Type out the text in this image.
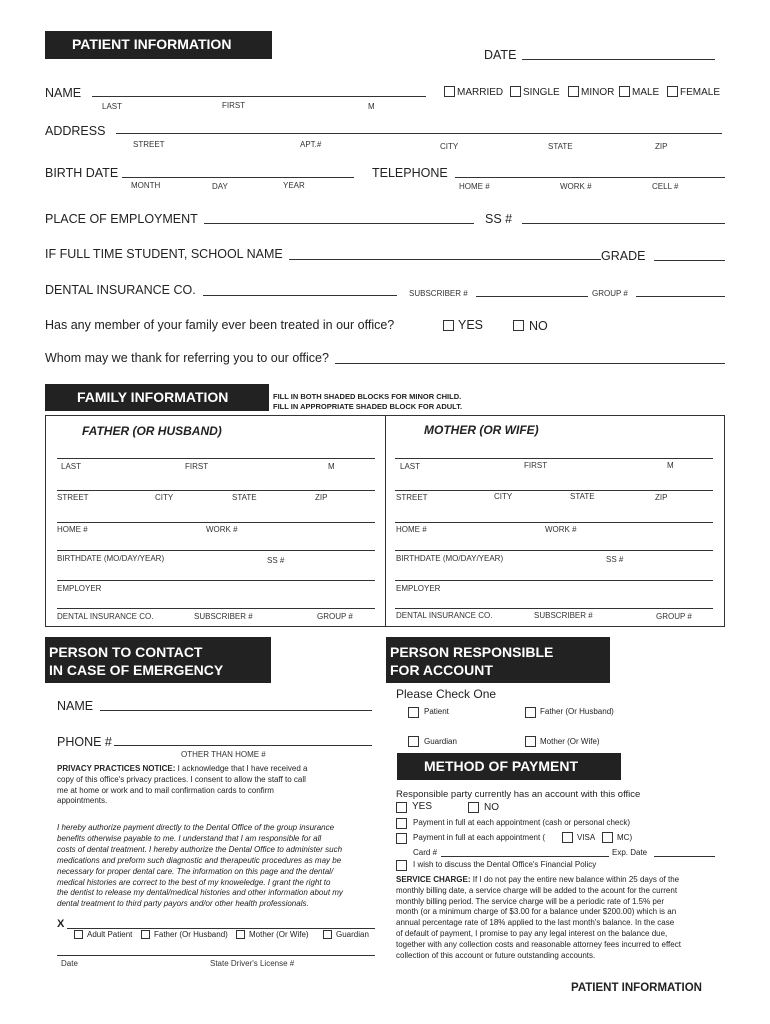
PATIENT INFORMATION
DATE
NAME
LAST	FIRST	M
MARRIED SINGLE MINOR MALE FEMALE
ADDRESS
STREET	APT.#	CITY	STATE	ZIP
BIRTH DATE
MONTH	DAY	YEAR
TELEPHONE
HOME #	WORK #	CELL #
PLACE OF EMPLOYMENT	SS #
IF FULL TIME STUDENT, SCHOOL NAME	GRADE
DENTAL INSURANCE CO.	SUBSCRIBER #	GROUP #
Has any member of your family ever been treated in our office?	YES	NO
Whom may we thank for referring you to our office?
FAMILY INFORMATION	FILL IN BOTH SHADED BLOCKS FOR MINOR CHILD.
FILL IN APPROPRIATE SHADED BLOCK FOR ADULT.
FATHER (OR HUSBAND)	MOTHER (OR WIFE)
LAST	FIRST	M
STREET	CITY	STATE	ZIP
HOME #	WORK #
BIRTHDATE (MO/DAY/YEAR)	SS #
EMPLOYER
DENTAL INSURANCE CO.	SUBSCRIBER #	GROUP #
LAST	FIRST	M
STREET	CITY	STATE	ZIP
HOME #	WORK #
BIRTHDATE (MO/DAY/YEAR)	SS #
EMPLOYER
DENTAL INSURANCE CO.	SUBSCRIBER #	GROUP #
PERSON TO CONTACT
IN CASE OF EMERGENCY
NAME
PHONE #
OTHER THAN HOME #
PRIVACY PRACTICES NOTICE: I acknowledge that I have received a
copy of this office's privacy practices. I consent to allow the staff to call
me at home or work and to mail confirmation cards to confirm
appointments.
I hereby authorize payment directly to the Dental Office of the group insurance
benefits otherwise payable to me. I understand that I am responsible for all
costs of dental treatment. I hereby authorize the Dental Office to administer such
medications and preform such diagnostic and therapeutic procedures as may be
necessary for proper dental care. The information on this page and the dental/
medical histories are correct to the best of my knoweledge. I grant the right to
the dentist to release my dental/medical histories and other information about my
dental treatment to third party payors and/or other health professionals.
X
Adult Patient	Father (Or Husband)	Mother (Or Wife)	Guardian
Date	State Driver's License #
PERSON RESPONSIBLE
FOR ACCOUNT
Please Check One
Patient	Father (Or Husband)
Guardian	Mother (Or Wife)
METHOD OF PAYMENT
Responsible party currently has an account with this office
YES	NO
Payment in full at each appointment (cash or personal check)
Payment in full at each appointment (	VISA	MC)
Card #	Exp. Date
I wish to discuss the Dental Office's Financial Policy
SERVICE CHARGE: If I do not pay the entire new balance within 25 days of the
monthly billing date, a service charge will be added to the acount for the current
monthly billing period. The service charge will be a periodic rate of 1.5% per
month (or a minimum charge of $3.00 for a balance under $200.00) which is an
annual percentage rate of 18% applied to the last month's balance. In the case
of default of payment, I promise to pay any legal interest on the balance due,
together with any collection costs and reasonable attorney fees incurred to effect
collection of this account or future outstanding accounts.
PATIENT INFORMATION
